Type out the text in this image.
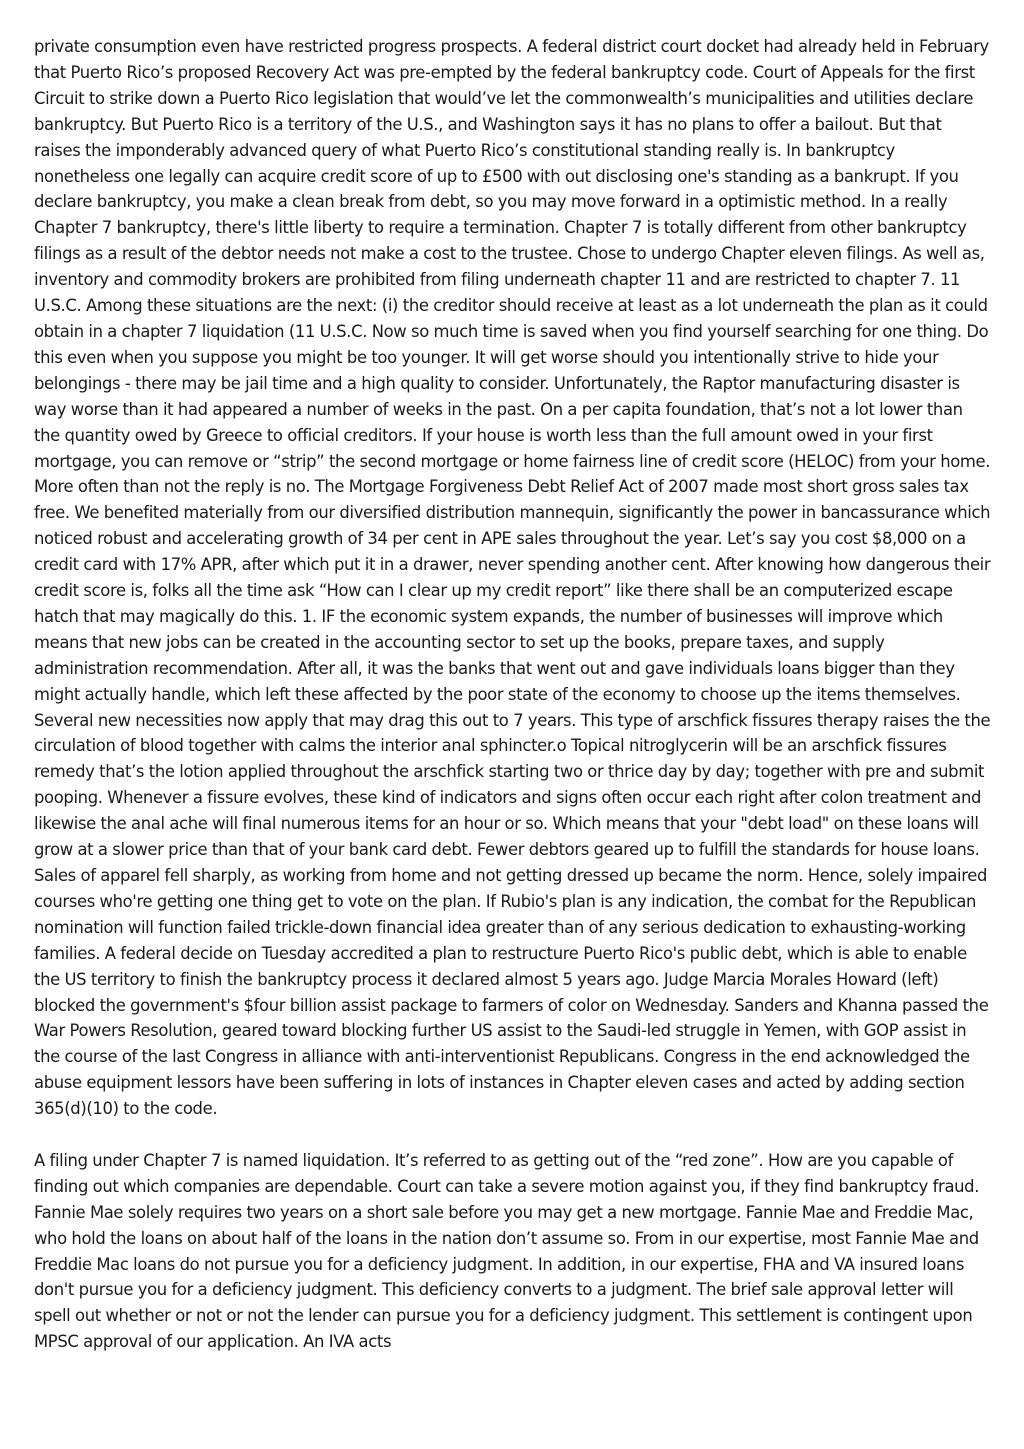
private consumption even have restricted progress prospects. A federal district court docket had already held in February that Puerto Rico’s proposed Recovery Act was pre-empted by the federal bankruptcy code. Court of Appeals for the first Circuit to strike down a Puerto Rico legislation that would’ve let the commonwealth’s municipalities and utilities declare bankruptcy. But Puerto Rico is a territory of the U.S., and Washington says it has no plans to offer a bailout. But that raises the imponderably advanced query of what Puerto Rico’s constitutional standing really is. In bankruptcy nonetheless one legally can acquire credit score of up to £500 with out disclosing one's standing as a bankrupt. If you declare bankruptcy, you make a clean break from debt, so you may move forward in a optimistic method. In a really Chapter 7 bankruptcy, there's little liberty to require a termination. Chapter 7 is totally different from other bankruptcy filings as a result of the debtor needs not make a cost to the trustee. Chose to undergo Chapter eleven filings. As well as, inventory and commodity brokers are prohibited from filing underneath chapter 11 and are restricted to chapter 7. 11 U.S.C. Among these situations are the next: (i) the creditor should receive at least as a lot underneath the plan as it could obtain in a chapter 7 liquidation (11 U.S.C. Now so much time is saved when you find yourself searching for one thing. Do this even when you suppose you might be too younger. It will get worse should you intentionally strive to hide your belongings - there may be jail time and a high quality to consider. Unfortunately, the Raptor manufacturing disaster is way worse than it had appeared a number of weeks in the past. On a per capita foundation, that’s not a lot lower than the quantity owed by Greece to official creditors. If your house is worth less than the full amount owed in your first mortgage, you can remove or “strip” the second mortgage or home fairness line of credit score (HELOC) from your home. More often than not the reply is no. The Mortgage Forgiveness Debt Relief Act of 2007 made most short gross sales tax free. We benefited materially from our diversified distribution mannequin, significantly the power in bancassurance which noticed robust and accelerating growth of 34 per cent in APE sales throughout the year. Let’s say you cost $8,000 on a credit card with 17% APR, after which put it in a drawer, never spending another cent. After knowing how dangerous their credit score is, folks all the time ask “How can I clear up my credit report” like there shall be an computerized escape hatch that may magically do this. 1. IF the economic system expands, the number of businesses will improve which means that new jobs can be created in the accounting sector to set up the books, prepare taxes, and supply administration recommendation. After all, it was the banks that went out and gave individuals loans bigger than they might actually handle, which left these affected by the poor state of the economy to choose up the items themselves. Several new necessities now apply that may drag this out to 7 years. This type of arschfick fissures therapy raises the the circulation of blood together with calms the interior anal sphincter.o Topical nitroglycerin will be an arschfick fissures remedy that’s the lotion applied throughout the arschfick starting two or thrice day by day; together with pre and submit pooping. Whenever a fissure evolves, these kind of indicators and signs often occur each right after colon treatment and likewise the anal ache will final numerous items for an hour or so. Which means that your "debt load" on these loans will grow at a slower price than that of your bank card debt. Fewer debtors geared up to fulfill the standards for house loans. Sales of apparel fell sharply, as working from home and not getting dressed up became the norm. Hence, solely impaired courses who're getting one thing get to vote on the plan. If Rubio's plan is any indication, the combat for the Republican nomination will function failed trickle-down financial idea greater than of any serious dedication to exhausting-working families. A federal decide on Tuesday accredited a plan to restructure Puerto Rico's public debt, which is able to enable the US territory to finish the bankruptcy process it declared almost 5 years ago. Judge Marcia Morales Howard (left) blocked the government's $four billion assist package to farmers of color on Wednesday. Sanders and Khanna passed the War Powers Resolution, geared toward blocking further US assist to the Saudi-led struggle in Yemen, with GOP assist in the course of the last Congress in alliance with anti-interventionist Republicans. Congress in the end acknowledged the abuse equipment lessors have been suffering in lots of instances in Chapter eleven cases and acted by adding section 365(d)(10) to the code.

A filing under Chapter 7 is named liquidation. It’s referred to as getting out of the “red zone”. How are you capable of finding out which companies are dependable. Court can take a severe motion against you, if they find bankruptcy fraud. Fannie Mae solely requires two years on a short sale before you may get a new mortgage. Fannie Mae and Freddie Mac, who hold the loans on about half of the loans in the nation don’t assume so. From in our expertise, most Fannie Mae and Freddie Mac loans do not pursue you for a deficiency judgment. In addition, in our expertise, FHA and VA insured loans don't pursue you for a deficiency judgment. This deficiency converts to a judgment. The brief sale approval letter will spell out whether or not or not the lender can pursue you for a deficiency judgment. This settlement is contingent upon MPSC approval of our application. An IVA acts
